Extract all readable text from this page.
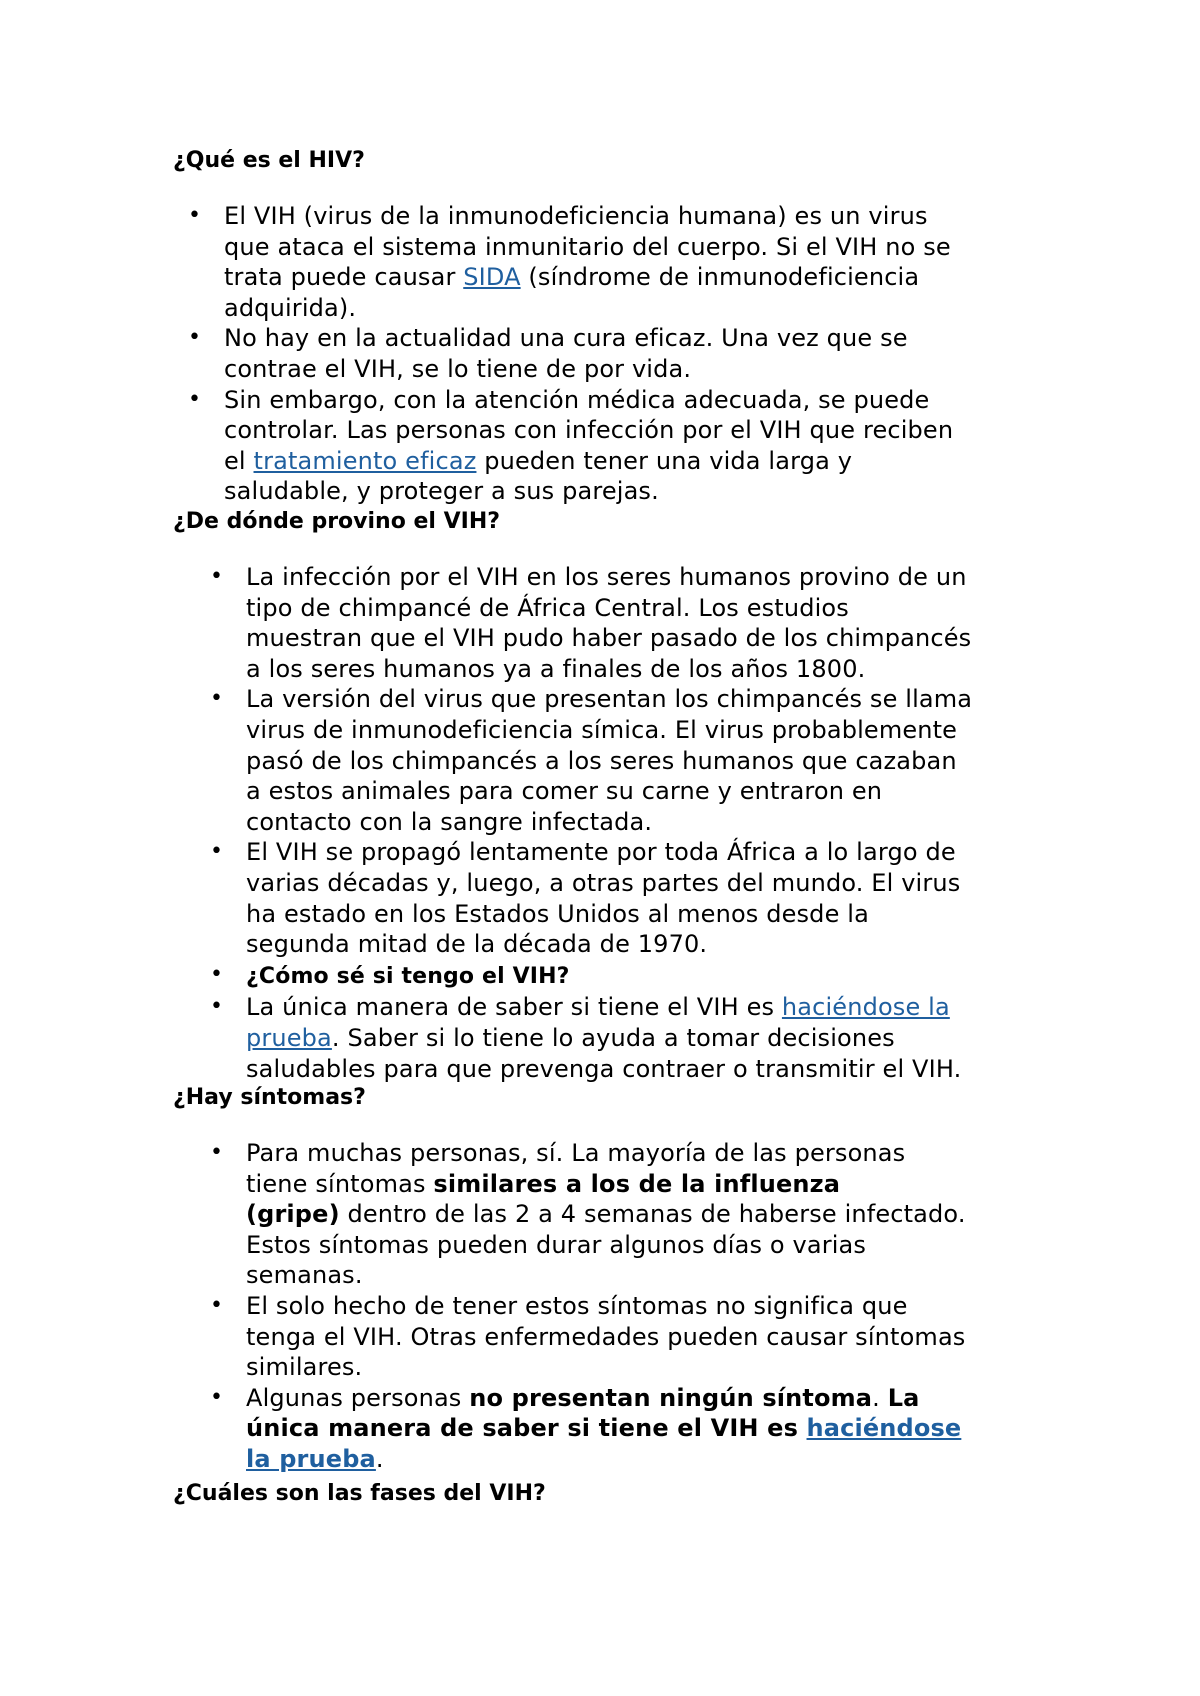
¿Qué es el HIV?
• El VIH (virus de la inmunodeficiencia humana) es un virus
que ataca el sistema inmunitario del cuerpo. Si el VIH no se
trata puede causar SIDA (síndrome de inmunodeficiencia
adquirida).
• No hay en la actualidad una cura eficaz. Una vez que se
contrae el VIH, se lo tiene de por vida.
• Sin embargo, con la atención médica adecuada, se puede
controlar. Las personas con infección por el VIH que reciben
el tratamiento eficaz pueden tener una vida larga y
saludable, y proteger a sus parejas.
¿De dónde provino el VIH?
• La infección por el VIH en los seres humanos provino de un
tipo de chimpancé de África Central. Los estudios
muestran que el VIH pudo haber pasado de los chimpancés
a los seres humanos ya a finales de los años 1800.
• La versión del virus que presentan los chimpancés se llama
virus de inmunodeficiencia símica. El virus probablemente
pasó de los chimpancés a los seres humanos que cazaban
a estos animales para comer su carne y entraron en
contacto con la sangre infectada.
• El VIH se propagó lentamente por toda África a lo largo de
varias décadas y, luego, a otras partes del mundo. El virus
ha estado en los Estados Unidos al menos desde la
segunda mitad de la década de 1970.
• ¿Cómo sé si tengo el VIH?
• La única manera de saber si tiene el VIH es haciéndose la
prueba. Saber si lo tiene lo ayuda a tomar decisiones
saludables para que prevenga contraer o transmitir el VIH.
¿Hay síntomas?
• Para muchas personas, sí. La mayoría de las personas
tiene síntomas similares a los de la influenza
(gripe) dentro de las 2 a 4 semanas de haberse infectado.
Estos síntomas pueden durar algunos días o varias
semanas.
• El solo hecho de tener estos síntomas no significa que
tenga el VIH. Otras enfermedades pueden causar síntomas
similares.
• Algunas personas no presentan ningún síntoma. La
única manera de saber si tiene el VIH es haciéndose
la prueba.
¿Cuáles son las fases del VIH?
